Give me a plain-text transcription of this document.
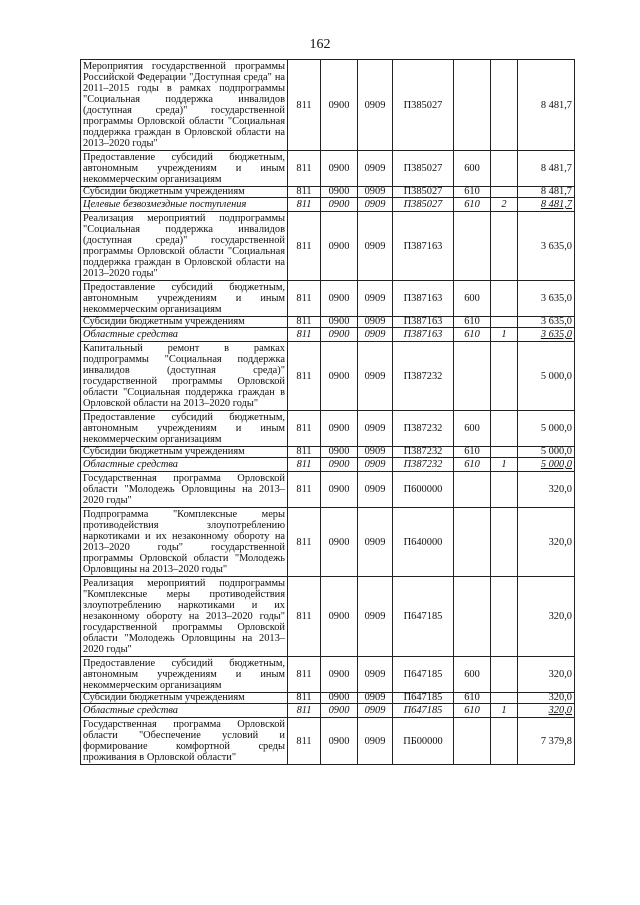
162
Мероприятия государственной программы Российской Федерации "Доступная среда" на 2011–2015 годы в рамках подпрограммы "Социальная поддержка инвалидов (доступная среда)" государственной программы Орловской области "Социальная поддержка граждан в Орловской области на 2013–2020 годы"	811	0900	0909	П385027				8 481,7
Предоставление субсидий бюджетным, автономным учреждениям и иным некоммерческим организациям	811	0900	0909	П385027	600			8 481,7
Субсидии бюджетным учреждениям	811	0900	0909	П385027	610			8 481,7
Целевые безвозмездные поступления	811	0900	0909	П385027	610		2	8 481,7
Реализация мероприятий подпрограммы "Социальная поддержка инвалидов (доступная среда)" государственной программы Орловской области "Социальная поддержка граждан в Орловской области на 2013–2020 годы"	811	0900	0909	П387163				3 635,0
Предоставление субсидий бюджетным, автономным учреждениям и иным некоммерческим организациям	811	0900	0909	П387163	600			3 635,0
Субсидии бюджетным учреждениям	811	0900	0909	П387163	610			3 635,0
Областные средства	811	0900	0909	П387163	610		1	3 635,0
Капитальный ремонт в рамках подпрограммы "Социальная поддержка инвалидов (доступная среда)" государственной программы Орловской области "Социальная поддержка граждан в Орловской области на 2013–2020 годы"	811	0900	0909	П387232				5 000,0
Предоставление субсидий бюджетным, автономным учреждениям и иным некоммерческим организациям	811	0900	0909	П387232	600			5 000,0
Субсидии бюджетным учреждениям	811	0900	0909	П387232	610			5 000,0
Областные средства	811	0900	0909	П387232	610		1	5 000,0
Государственная программа Орловской области "Молодежь Орловщины на 2013–2020 годы"	811	0900	0909	П600000				320,0
Подпрограмма "Комплексные меры противодействия злоупотреблению наркотиками и их незаконному обороту на 2013–2020 годы" государственной программы Орловской области "Молодежь Орловщины на 2013–2020 годы"	811	0900	0909	П640000				320,0
Реализация мероприятий подпрограммы "Комплексные меры противодействия злоупотреблению наркотиками и их незаконному обороту на 2013–2020 годы" государственной программы Орловской области "Молодежь Орловщины на 2013–2020 годы"	811	0900	0909	П647185				320,0
Предоставление субсидий бюджетным, автономным учреждениям и иным некоммерческим организациям	811	0900	0909	П647185	600			320,0
Субсидии бюджетным учреждениям	811	0900	0909	П647185	610			320,0
Областные средства	811	0900	0909	П647185	610		1	320,0
Государственная программа Орловской области "Обеспечение условий и формирование комфортной среды проживания в Орловской области"	811	0900	0909	ПБ00000				7 379,8
